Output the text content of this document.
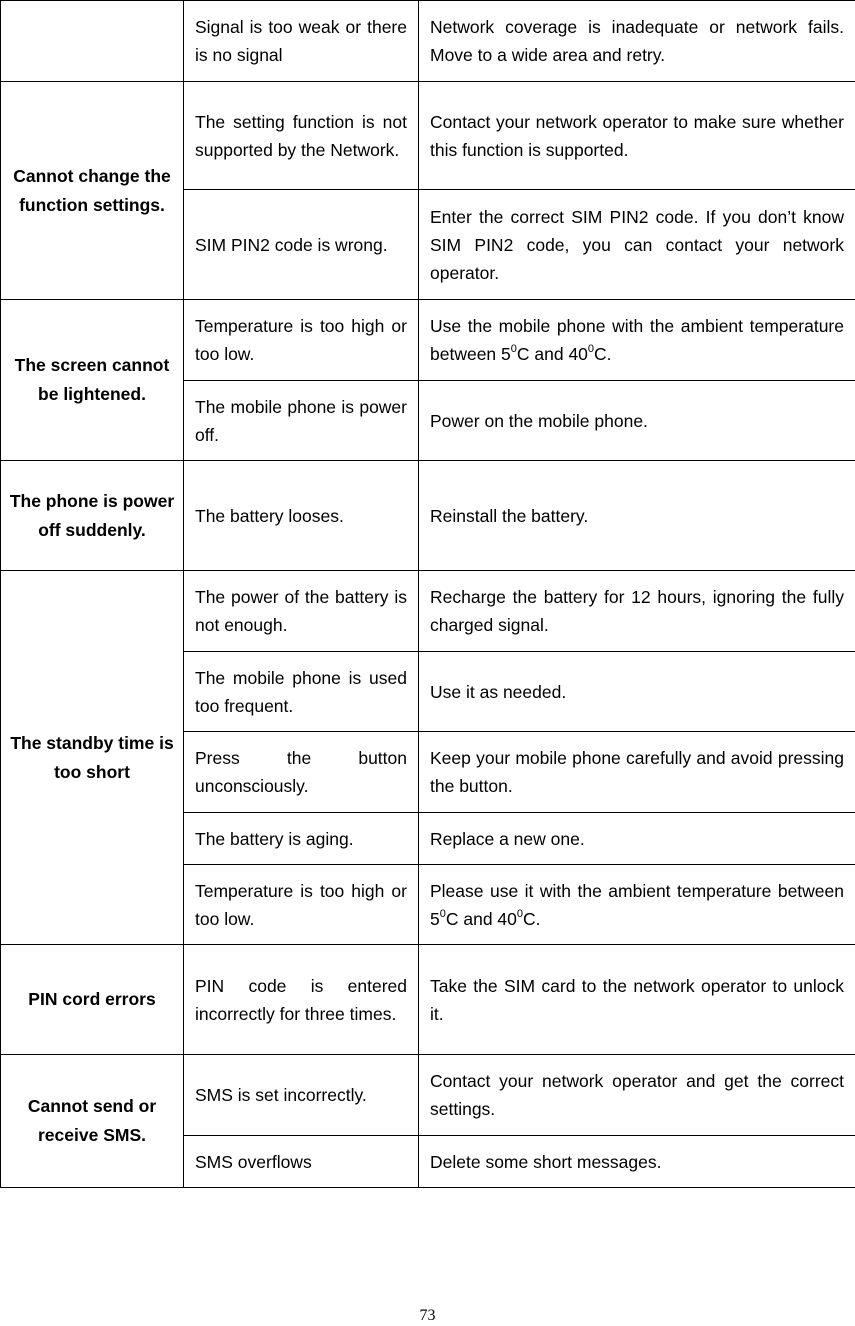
	Signal is too weak or there is no signal	Network coverage is inadequate or network fails. Move to a wide area and retry.
Cannot change the function settings.	The setting function is not supported by the Network.	Contact your network operator to make sure whether this function is supported.
	SIM PIN2 code is wrong.	Enter the correct SIM PIN2 code. If you don’t know SIM PIN2 code, you can contact your network operator.
The screen cannot be lightened.	Temperature is too high or too low.	Use the mobile phone with the ambient temperature between $5^0C$ and $40^0C$.
	The mobile phone is power off.	Power on the mobile phone.
The phone is power off suddenly.	The battery looses.	Reinstall the battery.
The standby time is too short	The power of the battery is not enough.	Recharge the battery for 12 hours, ignoring the fully charged signal.
	The mobile phone is used too frequent.	Use it as needed.
	Press the button unconsciously.	Keep your mobile phone carefully and avoid pressing the button.
	The battery is aging.	Replace a new one.
	Temperature is too high or too low.	Please use it with the ambient temperature between $5^0C$ and $40^0C$.
PIN cord errors	PIN code is entered incorrectly for three times.	Take the SIM card to the network operator to unlock it.
Cannot send or receive SMS.	SMS is set incorrectly.	Contact your network operator and get the correct settings.
	SMS overflows	Delete some short messages.
73
